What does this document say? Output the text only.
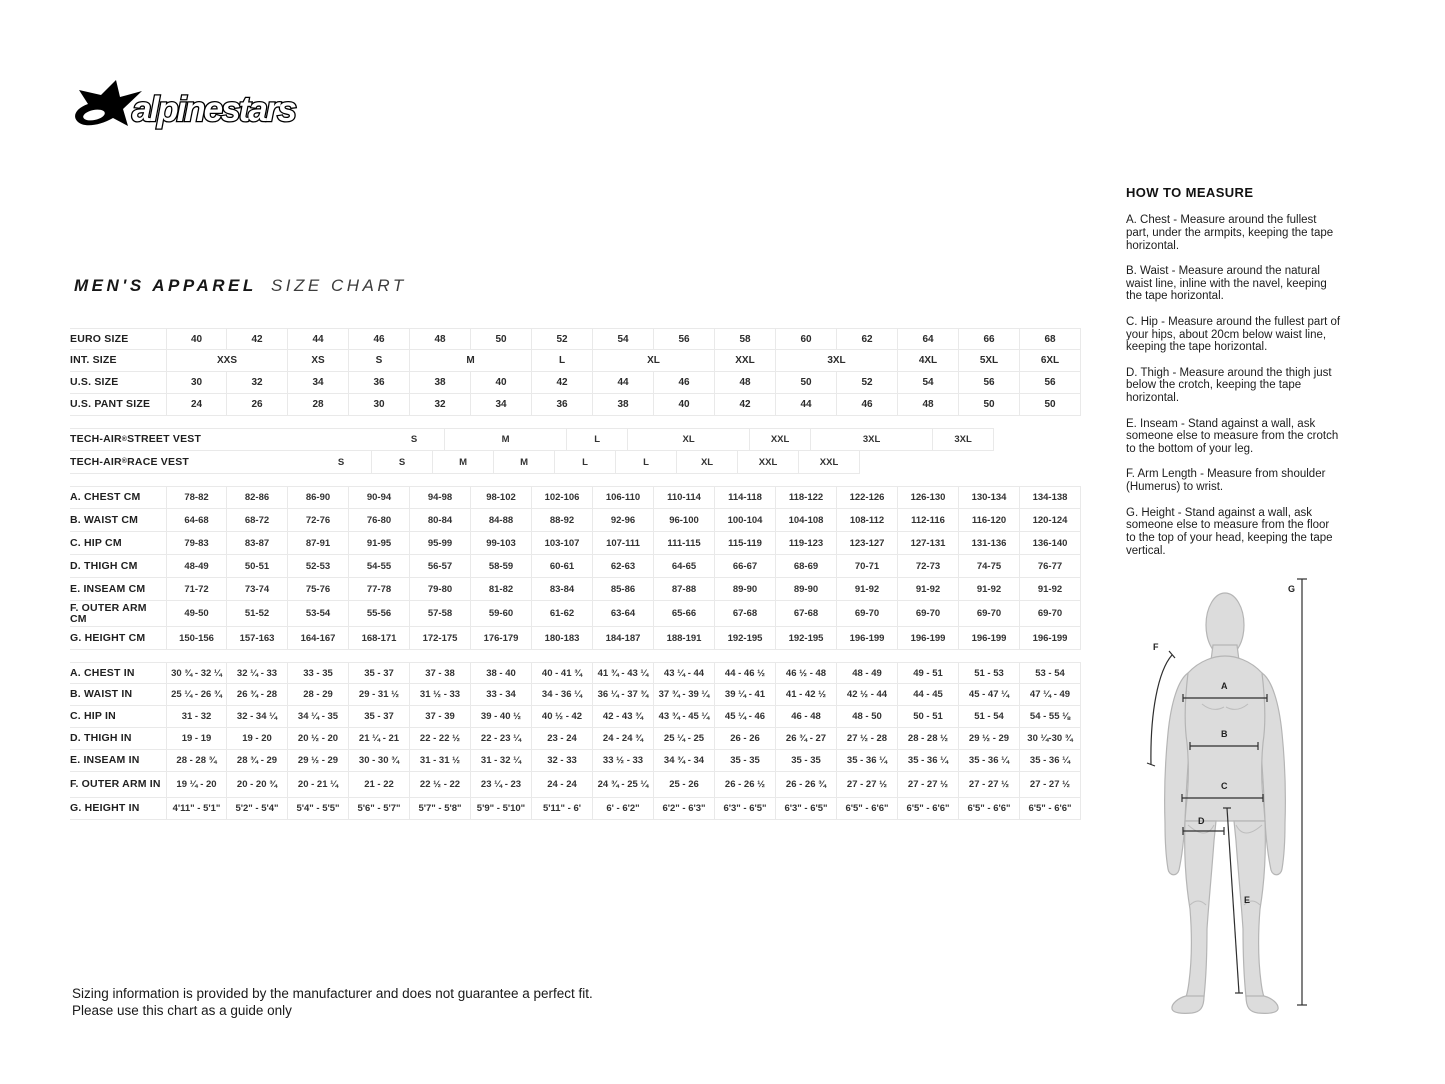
alpinestars
MEN'S APPAREL SIZE CHART
EURO SIZE	40	42	44	46	48	50	52	54	56	58	60	62	64	66	68
INT. SIZE	XXS	XS	S	M	L	XL	XXL	3XL	4XL	5XL	6XL
U.S. SIZE	30	32	34	36	38	40	42	44	46	48	50	52	54	56	56
U.S. PANT SIZE	24	26	28	30	32	34	36	38	40	42	44	46	48	50	50
TECH-AIR ® STREET VEST	S	M	L	XL	XXL	3XL	3XL
TECH-AIR ® RACE VEST	S	S	M	M	L	L	XL	XXL	XXL
A. CHEST CM	78-82	82-86	86-90	90-94	94-98	98-102	102-106	106-110	110-114	114-118	118-122	122-126	126-130	130-134	134-138
B. WAIST CM	64-68	68-72	72-76	76-80	80-84	84-88	88-92	92-96	96-100	100-104	104-108	108-112	112-116	116-120	120-124
C. HIP CM	79-83	83-87	87-91	91-95	95-99	99-103	103-107	107-111	111-115	115-119	119-123	123-127	127-131	131-136	136-140
D. THIGH CM	48-49	50-51	52-53	54-55	56-57	58-59	60-61	62-63	64-65	66-67	68-69	70-71	72-73	74-75	76-77
E. INSEAM CM	71-72	73-74	75-76	77-78	79-80	81-82	83-84	85-86	87-88	89-90	89-90	91-92	91-92	91-92	91-92
F. OUTER ARM CM	49-50	51-52	53-54	55-56	57-58	59-60	61-62	63-64	65-66	67-68	67-68	69-70	69-70	69-70	69-70
G. HEIGHT CM	150-156	157-163	164-167	168-171	172-175	176-179	180-183	184-187	188-191	192-195	192-195	196-199	196-199	196-199	196-199
A. CHEST IN	30 ¾ - 32 ¼	32 ¼ - 33	33 - 35	35 - 37	37 - 38	38 - 40	40 - 41 ¾	41 ¾ - 43 ¼	43 ¼ - 44	44 - 46 ½	46 ½ - 48	48 - 49	49 - 51	51 - 53	53 - 54
B. WAIST IN	25 ¼ - 26 ¾	26 ¾ - 28	28 - 29	29 - 31 ½	31 ½ - 33	33 - 34	34 - 36 ¼	36 ¼ - 37 ¾	37 ¾ - 39 ¼	39 ¼ - 41	41 - 42 ½	42 ½ - 44	44 - 45	45 - 47 ¼	47 ¼ - 49
C. HIP IN	31 - 32	32 - 34 ¼	34 ¼ - 35	35 - 37	37 - 39	39 - 40 ½	40 ½ - 42	42 - 43 ¾	43 ¾ - 45 ¼	45 ¼ - 46	46 - 48	48 - 50	50 - 51	51 - 54	54 - 55 ⅛
D. THIGH IN	19 - 19	19 - 20	20 ½ - 20	21 ¼ - 21	22 - 22 ½	22 - 23 ¼	23 - 24	24 - 24 ¾	25 ¼ - 25	26 - 26	26 ¾ - 27	27 ½ - 28	28 - 28 ½	29 ½ - 29	30 ¼-30 ¾
E. INSEAM IN	28 - 28 ¾	28 ¾ - 29	29 ½ - 29	30 - 30 ¾	31 - 31 ½	31 - 32 ¼	32 - 33	33 ½ - 33	34 ¾ - 34	35 - 35	35 - 35	35 - 36 ¼	35 - 36 ¼	35 - 36 ¼	35 - 36 ¼
F. OUTER ARM IN	19 ¼ - 20	20 - 20 ¾	20 - 21 ¼	21 - 22	22 ½ - 22	23 ¼ - 23	24 - 24	24 ¾ - 25 ¼	25 - 26	26 - 26 ½	26 - 26 ¾	27 - 27 ½	27 - 27 ½	27 - 27 ½	27 - 27 ½
G. HEIGHT IN	4'11" - 5'1"	5'2" - 5'4"	5'4" - 5'5"	5'6" - 5'7"	5'7" - 5'8"	5'9" - 5'10"	5'11" - 6'	6' - 6'2"	6'2" - 6'3"	6'3" - 6'5"	6'3" - 6'5"	6'5" - 6'6"	6'5" - 6'6"	6'5" - 6'6"	6'5" - 6'6"
HOW TO MEASURE

A. Chest - Measure around the fullest part, under the armpits, keeping the tape horizontal.

B. Waist - Measure around the natural waist line, inline with the navel, keeping the tape horizontal.

C. Hip - Measure around the fullest part of your hips, about 20cm below waist line, keeping the tape horizontal.

D. Thigh - Measure around the thigh just below the crotch, keeping the tape horizontal.

E. Inseam - Stand against a wall, ask someone else to measure from the crotch to the bottom of your leg.

F. Arm Length - Measure from shoulder (Humerus) to wrist.

G. Height - Stand against a wall, ask someone else to measure from the floor to the top of your head, keeping the tape vertical.

A
B
C
D
E
F
G
Sizing information is provided by the manufacturer and does not guarantee a perfect fit.
Please use this chart as a guide only
